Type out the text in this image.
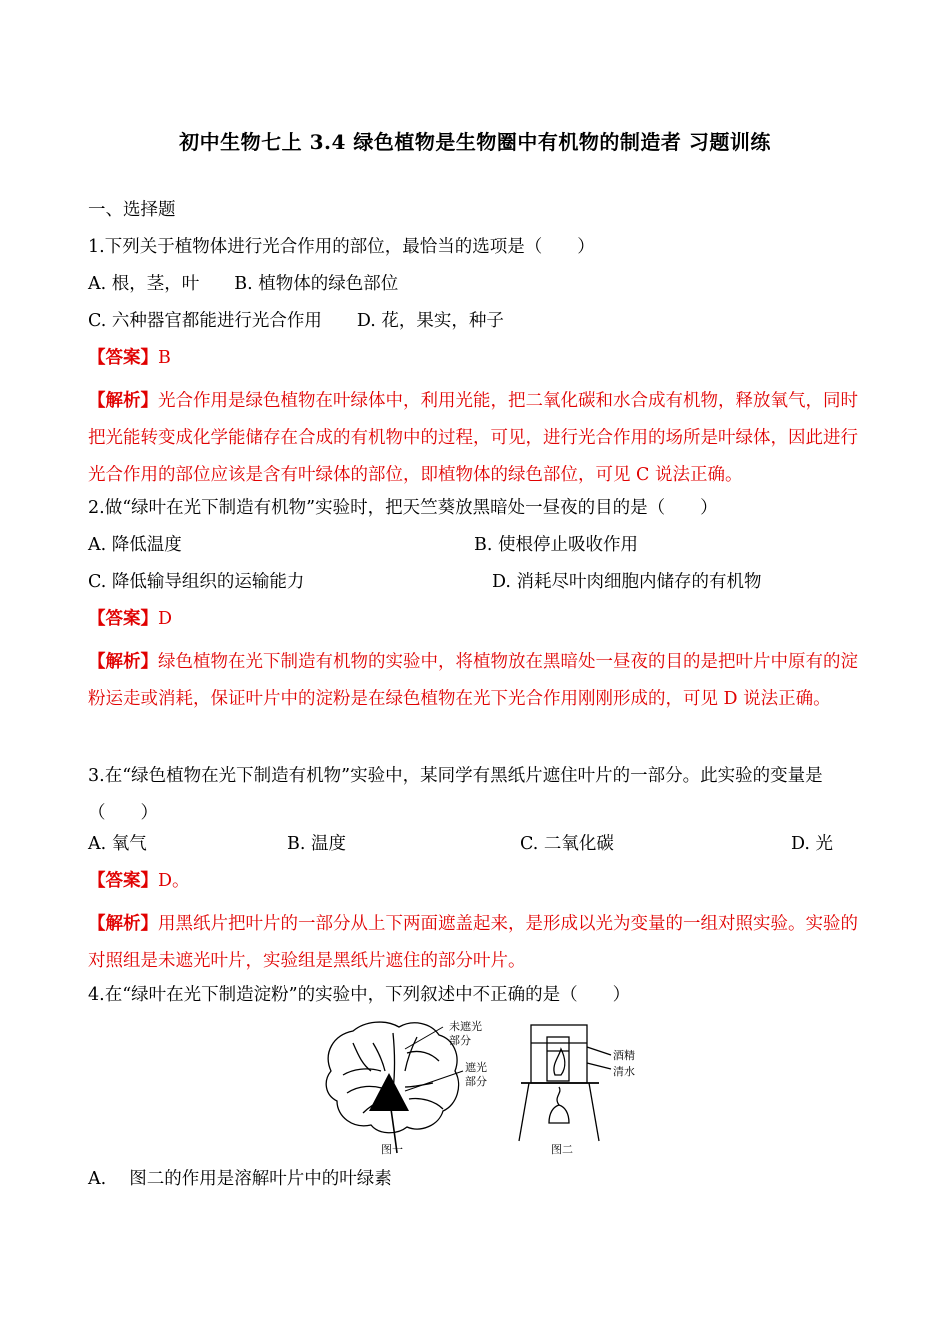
初中生物七上 3.4 绿色植物是生物圈中有机物的制造者 习题训练
一、选择题
1.下列关于植物体进行光合作用的部位，最恰当的选项是（　　）
A. 根，茎，叶　　B. 植物体的绿色部位
C. 六种器官都能进行光合作用　　D. 花，果实，种子
【答案】B
【解析】光合作用是绿色植物在叶绿体中，利用光能，把二氧化碳和水合成有机物，释放氧气，同时把光能转变成化学能储存在合成的有机物中的过程，可见，进行光合作用的场所是叶绿体，因此进行光合作用的部位应该是含有叶绿体的部位，即植物体的绿色部位，可见 C 说法正确。
2.做“绿叶在光下制造有机物”实验时，把天竺葵放黑暗处一昼夜的目的是（　　）
A. 降低温度	B. 使根停止吸收作用
C. 降低输导组织的运输能力	D. 消耗尽叶肉细胞内储存的有机物
【答案】D
【解析】绿色植物在光下制造有机物的实验中，将植物放在黑暗处一昼夜的目的是把叶片中原有的淀粉运走或消耗，保证叶片中的淀粉是在绿色植物在光下光合作用刚刚形成的，可见 D 说法正确。
3.在“绿色植物在光下制造有机物”实验中，某同学有黑纸片遮住叶片的一部分。此实验的变量是（　　）
A. 氧气	B. 温度	C. 二氧化碳	D. 光
【答案】D。
【解析】用黑纸片把叶片的一部分从上下两面遮盖起来，是形成以光为变量的一组对照实验。实验的对照组是未遮光叶片，实验组是黑纸片遮住的部分叶片。
4.在“绿叶在光下制造淀粉”的实验中，下列叙述中不正确的是（　　）
未遮光
部分
遮光
部分
图一
酒精
清水
图二
A.　 图二的作用是溶解叶片中的叶绿素
